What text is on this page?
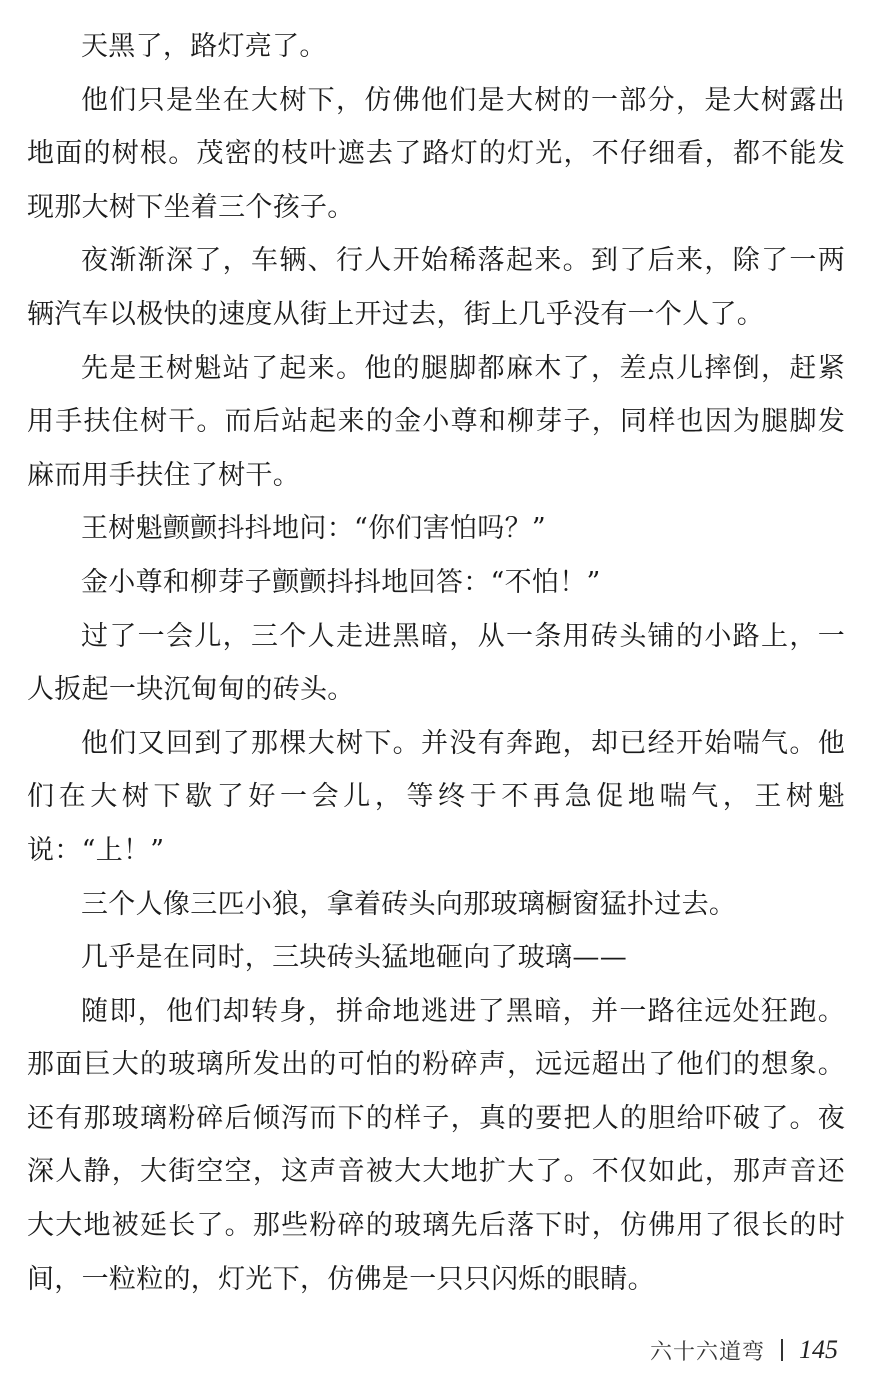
天黑了，路灯亮了。

他们只是坐在大树下，仿佛他们是大树的一部分，是大树露出地面的树根。茂密的枝叶遮去了路灯的灯光，不仔细看，都不能发现那大树下坐着三个孩子。

夜渐渐深了，车辆、行人开始稀落起来。到了后来，除了一两辆汽车以极快的速度从街上开过去，街上几乎没有一个人了。

先是王树魁站了起来。他的腿脚都麻木了，差点儿摔倒，赶紧用手扶住树干。而后站起来的金小尊和柳芽子，同样也因为腿脚发麻而用手扶住了树干。

王树魁颤颤抖抖地问：“你们害怕吗？”

金小尊和柳芽子颤颤抖抖地回答：“不怕！”

过了一会儿，三个人走进黑暗，从一条用砖头铺的小路上，一人扳起一块沉甸甸的砖头。

他们又回到了那棵大树下。并没有奔跑，却已经开始喘气。他们在大树下歇了好一会儿，等终于不再急促地喘气，王树魁说：“上！”

三个人像三匹小狼，拿着砖头向那玻璃橱窗猛扑过去。

几乎是在同时，三块砖头猛地砸向了玻璃——

随即，他们却转身，拼命地逃进了黑暗，并一路往远处狂跑。那面巨大的玻璃所发出的可怕的粉碎声，远远超出了他们的想象。还有那玻璃粉碎后倾泻而下的样子，真的要把人的胆给吓破了。夜深人静，大街空空，这声音被大大地扩大了。不仅如此，那声音还大大地被延长了。那些粉碎的玻璃先后落下时，仿佛用了很长的时间，一粒粒的，灯光下，仿佛是一只只闪烁的眼睛。

六十六道弯 145
